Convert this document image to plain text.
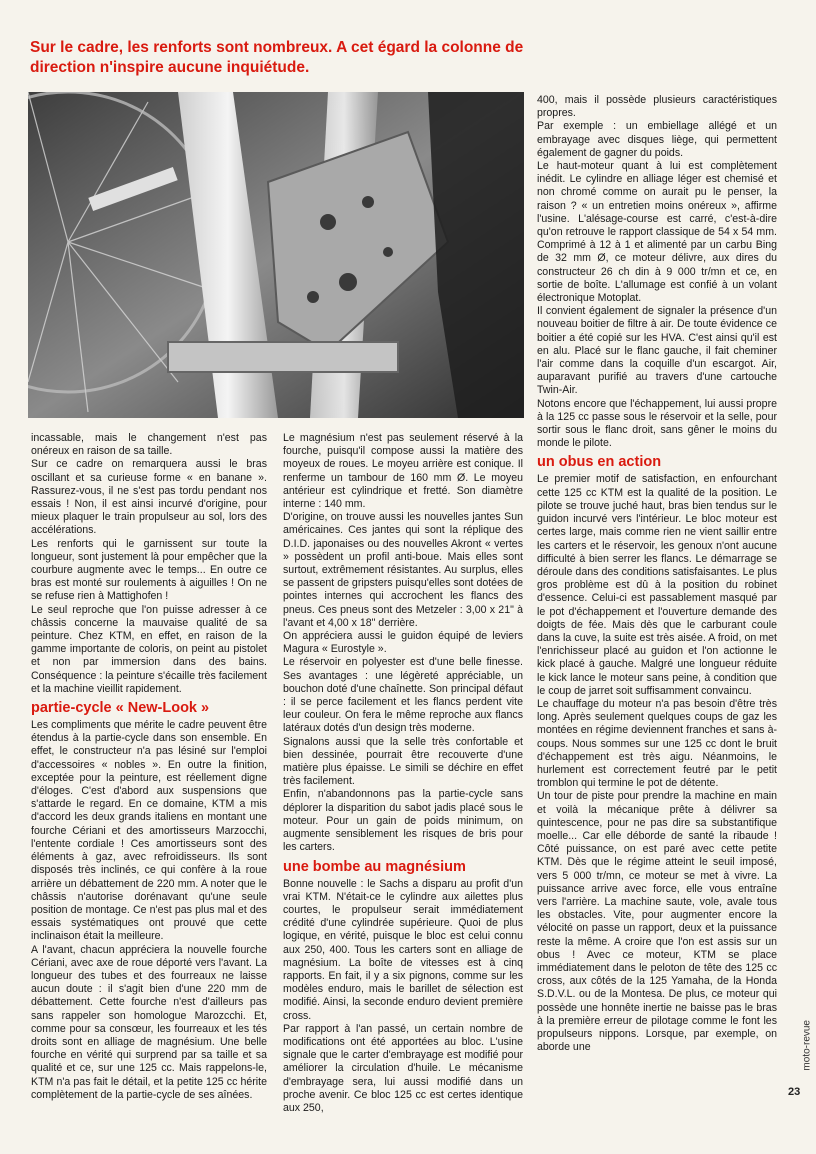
Sur le cadre, les renforts sont nombreux. A cet égard la colonne de direction n'inspire aucune inquiétude.

incassable, mais le changement n'est pas onéreux en raison de sa taille.

Sur ce cadre on remarquera aussi le bras oscillant et sa curieuse forme « en banane ». Rassurez-vous, il ne s'est pas tordu pendant nos essais ! Non, il est ainsi incurvé d'origine, pour mieux plaquer le train propulseur au sol, lors des accélérations.

Les renforts qui le garnissent sur toute la longueur, sont justement là pour empêcher que la courbure augmente avec le temps... En outre ce bras est monté sur roulements à aiguilles ! On ne se refuse rien à Mattighofen !

Le seul reproche que l'on puisse adresser à ce châssis concerne la mauvaise qualité de sa peinture. Chez KTM, en effet, en raison de la gamme importante de coloris, on peint au pistolet et non par immersion dans des bains. Conséquence : la peinture s'écaille très facilement et la machine vieillit rapidement.

partie-cycle « New-Look »

Les compliments que mérite le cadre peuvent être étendus à la partie-cycle dans son ensemble. En effet, le constructeur n'a pas lésiné sur l'emploi d'accessoires « nobles ». En outre la finition, exceptée pour la peinture, est réellement digne d'éloges. C'est d'abord aux suspensions que s'attarde le regard. En ce domaine, KTM a mis d'accord les deux grands italiens en montant une fourche Cériani et des amortisseurs Marzocchi, l'entente cordiale ! Ces amortisseurs sont des éléments à gaz, avec refroidisseurs. Ils sont disposés très inclinés, ce qui confère à la roue arrière un débattement de 220 mm. A noter que le châssis n'autorise dorénavant qu'une seule position de montage. Ce n'est pas plus mal et des essais systématiques ont prouvé que cette inclinaison était la meilleure.

A l'avant, chacun appréciera la nouvelle fourche Cériani, avec axe de roue déporté vers l'avant. La longueur des tubes et des fourreaux ne laisse aucun doute : il s'agit bien d'une 220 mm de débattement. Cette fourche n'est d'ailleurs pas sans rappeler son homologue Marozcchi. Et, comme pour sa consœur, les fourreaux et les tés droits sont en alliage de magnésium. Une belle fourche en vérité qui surprend par sa taille et sa qualité et ce, sur une 125 cc. Mais rappelons-le, KTM n'a pas fait le détail, et la petite 125 cc hérite complètement de la partie-cycle de ses aînées.

Le magnésium n'est pas seulement réservé à la fourche, puisqu'il compose aussi la matière des moyeux de roues. Le moyeu arrière est conique. Il renferme un tambour de 160 mm Ø. Le moyeu antérieur est cylindrique et fretté. Son diamètre interne : 140 mm.

D'origine, on trouve aussi les nouvelles jantes Sun américaines. Ces jantes qui sont la réplique des D.I.D. japonaises ou des nouvelles Akront « vertes » possèdent un profil anti-boue. Mais elles sont surtout, extrêmement résistantes. Au surplus, elles se passent de gripsters puisqu'elles sont dotées de pointes internes qui accrochent les flancs des pneus. Ces pneus sont des Metzeler : 3,00 x 21" à l'avant et 4,00 x 18" derrière.

On appréciera aussi le guidon équipé de leviers Magura « Eurostyle ».

Le réservoir en polyester est d'une belle finesse. Ses avantages : une légèreté appréciable, un bouchon doté d'une chaînette. Son principal défaut : il se perce facilement et les flancs perdent vite leur couleur. On fera le même reproche aux flancs latéraux dotés d'un design très moderne.

Signalons aussi que la selle très confortable et bien dessinée, pourrait être recouverte d'une matière plus épaisse. Le simili se déchire en effet très facilement.

Enfin, n'abandonnons pas la partie-cycle sans déplorer la disparition du sabot jadis placé sous le moteur. Pour un gain de poids minimum, on augmente sensiblement les risques de bris pour les carters.

une bombe au magnésium

Bonne nouvelle : le Sachs a disparu au profit d'un vrai KTM. N'était-ce le cylindre aux ailettes plus courtes, le propulseur serait immédiatement crédité d'une cylindrée supérieure. Quoi de plus logique, en vérité, puisque le bloc est celui connu aux 250, 400. Tous les carters sont en alliage de magnésium. La boîte de vitesses est à cinq rapports. En fait, il y a six pignons, comme sur les modèles enduro, mais le barillet de sélection est modifié. Ainsi, la seconde enduro devient première cross.

Par rapport à l'an passé, un certain nombre de modifications ont été apportées au bloc. L'usine signale que le carter d'embrayage est modifié pour améliorer la circulation d'huile. Le mécanisme d'embrayage sera, lui aussi modifié dans un proche avenir. Ce bloc 125 cc est certes identique aux 250,

400, mais il possède plusieurs caractéristiques propres.

Par exemple : un embiellage allégé et un embrayage avec disques liège, qui permettent également de gagner du poids.

Le haut-moteur quant à lui est complètement inédit. Le cylindre en alliage léger est chemisé et non chromé comme on aurait pu le penser, la raison ? « un entretien moins onéreux », affirme l'usine. L'alésage-course est carré, c'est-à-dire qu'on retrouve le rapport classique de 54 x 54 mm. Comprimé à 12 à 1 et alimenté par un carbu Bing de 32 mm Ø, ce moteur délivre, aux dires du constructeur 26 ch din à 9 000 tr/mn et ce, en sortie de boîte. L'allumage est confié à un volant électronique Motoplat.

Il convient également de signaler la présence d'un nouveau boitier de filtre à air. De toute évidence ce boitier a été copié sur les HVA. C'est ainsi qu'il est en alu. Placé sur le flanc gauche, il fait cheminer l'air comme dans la coquille d'un escargot. Air, auparavant purifié au travers d'une cartouche Twin-Air.

Notons encore que l'échappement, lui aussi propre à la 125 cc passe sous le réservoir et la selle, pour sortir sous le flanc droit, sans gêner le moins du monde le pilote.

un obus en action

Le premier motif de satisfaction, en enfourchant cette 125 cc KTM est la qualité de la position. Le pilote se trouve juché haut, bras bien tendus sur le guidon incurvé vers l'intérieur. Le bloc moteur est certes large, mais comme rien ne vient saillir entre les carters et le réservoir, les genoux n'ont aucune difficulté à bien serrer les flancs. Le démarrage se déroule dans des conditions satisfaisantes. Le plus gros problème est dû à la position du robinet d'essence. Celui-ci est passablement masqué par le pot d'échappement et l'ouverture demande des doigts de fée. Mais dès que le carburant coule dans la cuve, la suite est très aisée. A froid, on met l'enrichisseur placé au guidon et l'on actionne le kick placé à gauche. Malgré une longueur réduite le kick lance le moteur sans peine, à condition que le coup de jarret soit suffisamment convaincu.

Le chauffage du moteur n'a pas besoin d'être très long. Après seulement quelques coups de gaz les montées en régime deviennent franches et sans à-coups. Nous sommes sur une 125 cc dont le bruit d'échappement est très aigu. Néanmoins, le hurlement est correctement feutré par le petit tromblon qui termine le pot de détente.

Un tour de piste pour prendre la machine en main et voilà la mécanique prête à délivrer sa quintescence, pour ne pas dire sa substantifique moelle... Car elle déborde de santé la ribaude ! Côté puissance, on est paré avec cette petite KTM. Dès que le régime atteint le seuil imposé, vers 5 000 tr/mn, ce moteur se met à vivre. La puissance arrive avec force, elle vous entraîne vers l'arrière. La machine saute, vole, avale tous les obstacles. Vite, pour augmenter encore la vélocité on passe un rapport, deux et la puissance reste la même. A croire que l'on est assis sur un obus ! Avec ce moteur, KTM se place immédiatement dans le peloton de tête des 125 cc cross, aux côtés de la 125 Yamaha, de la Honda S.D.V.L. ou de la Montesa. De plus, ce moteur qui possède une honnête inertie ne baisse pas le bras à la première erreur de pilotage comme le font les propulseurs nippons. Lorsque, par exemple, on aborde une	moto-revue
23
